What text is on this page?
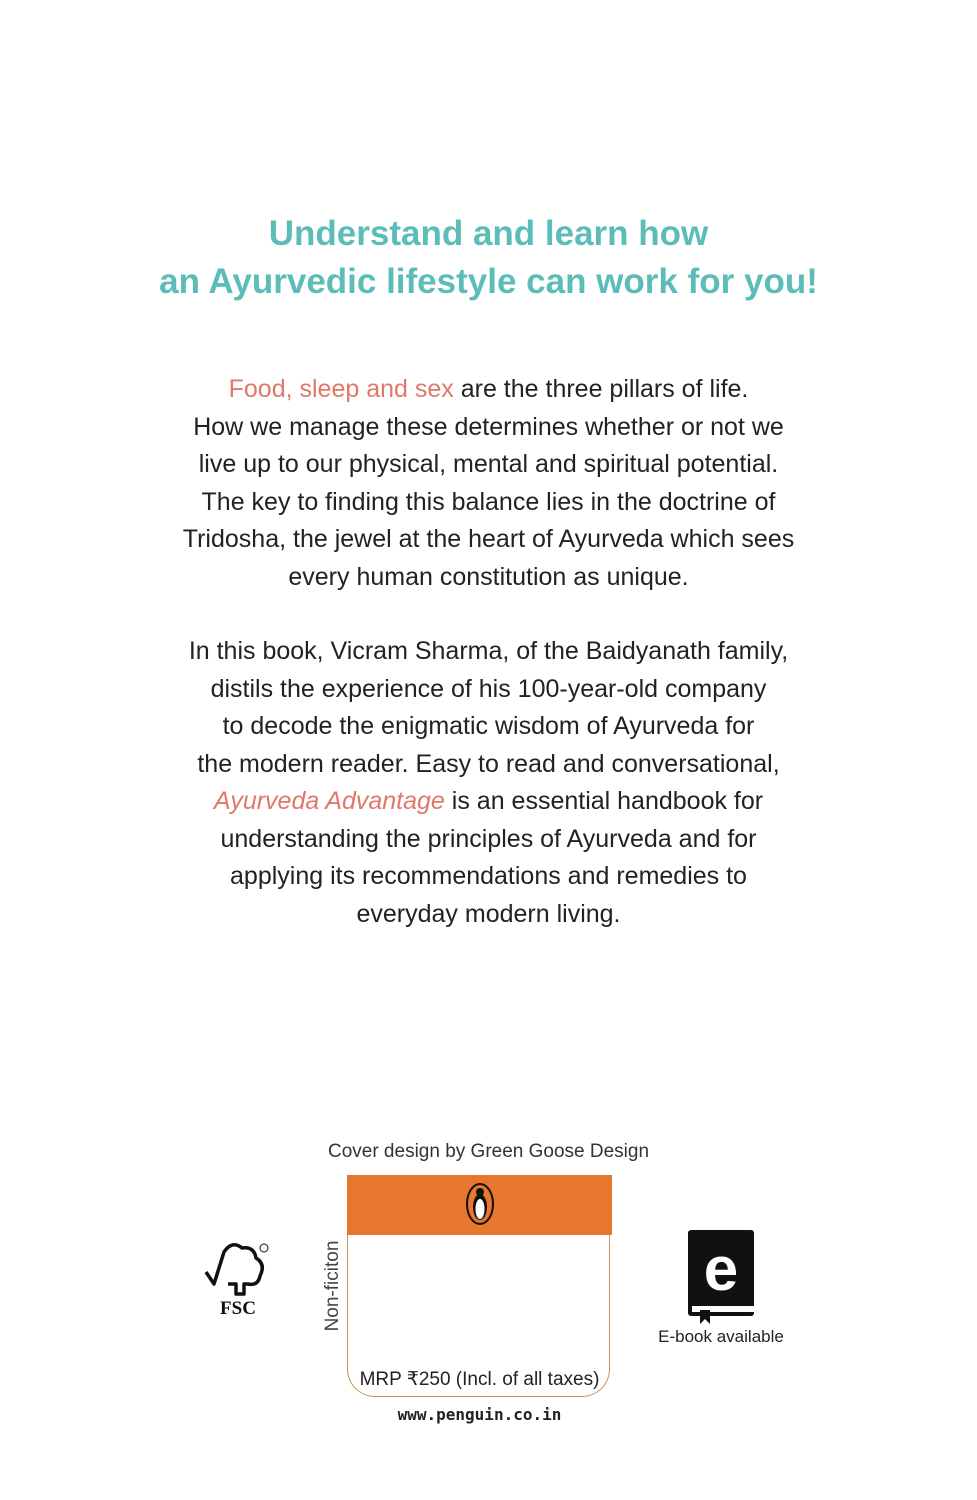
Understand and learn how
an Ayurvedic lifestyle can work for you!
Food, sleep and sex are the three pillars of life.
How we manage these determines whether or not we
live up to our physical, mental and spiritual potential.
The key to finding this balance lies in the doctrine of
Tridosha, the jewel at the heart of Ayurveda which sees
every human constitution as unique.
In this book, Vicram Sharma, of the Baidyanath family,
distils the experience of his 100-year-old company
to decode the enigmatic wisdom of Ayurveda for
the modern reader. Easy to read and conversational,
Ayurveda Advantage is an essential handbook for
understanding the principles of Ayurveda and for
applying its recommendations and remedies to
everyday modern living.
Cover design by Green Goose Design
Non-ficiton
MRP ₹250 (Incl. of all taxes)
www.penguin.co.in
FSC
e
E-book available
